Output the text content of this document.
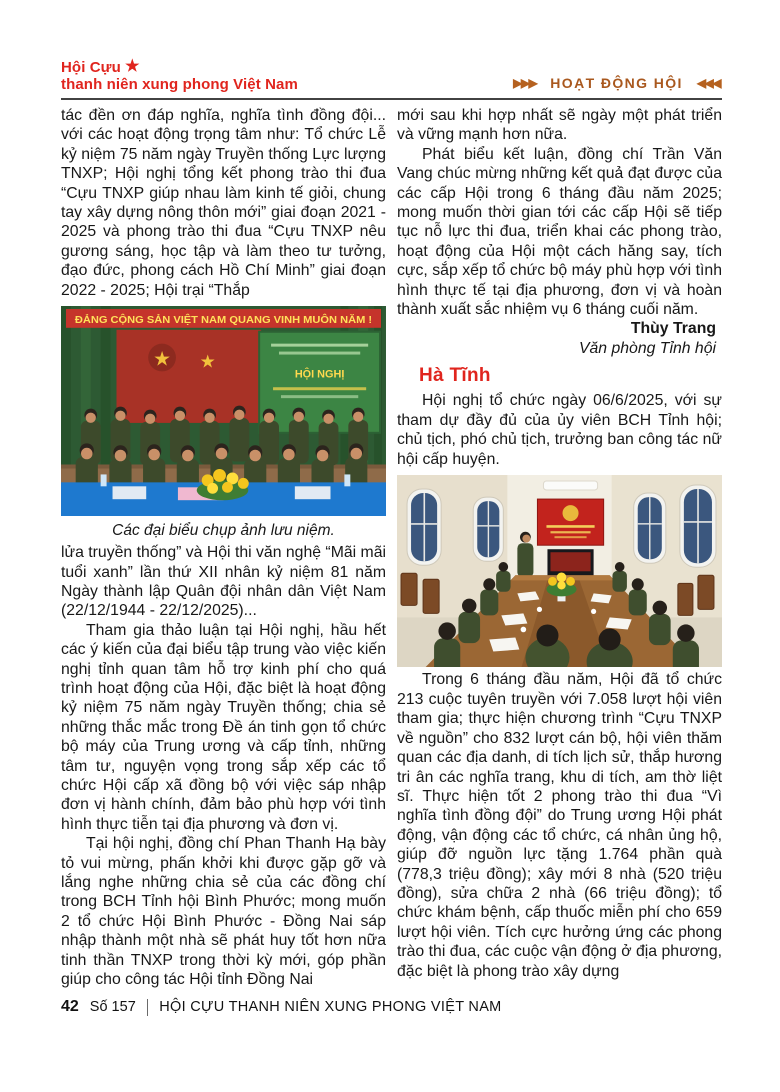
Hội Cựu ★
thanh niên xung phong Việt Nam	▶▶▶ HOẠT ĐỘNG HỘI ◀◀◀

tác đền ơn đáp nghĩa, nghĩa tình đồng đội... với các hoạt động trọng tâm như: Tổ chức Lễ kỷ niệm 75 năm ngày Truyền thống Lực lượng TNXP; Hội nghị tổng kết phong trào thi đua “Cựu TNXP giúp nhau làm kinh tế giỏi, chung tay xây dựng nông thôn mới” giai đoạn 2021 - 2025 và phong trào thi đua “Cựu TNXP nêu gương sáng, học tập và làm theo tư tưởng, đạo đức, phong cách Hồ Chí Minh” giai đoạn 2022 - 2025; Hội trại “Thắp

★ ★
HỘI NGHỊ
ĐẢNG CỘNG SẢN VIỆT NAM QUANG VINH MUÔN NĂM !
Các đại biểu chụp ảnh lưu niệm.

lửa truyền thống” và Hội thi văn nghệ “Mãi mãi tuổi xanh” lần thứ XII nhân kỷ niệm 81 năm Ngày thành lập Quân đội nhân dân Việt Nam (22/12/1944 - 22/12/2025)...

Tham gia thảo luận tại Hội nghị, hầu hết các ý kiến của đại biểu tập trung vào việc kiến nghị tỉnh quan tâm hỗ trợ kinh phí cho quá trình hoạt động của Hội, đặc biệt là hoạt động kỷ niệm 75 năm ngày Truyền thống; chia sẻ những thắc mắc trong Đề án tinh gọn tổ chức bộ máy của Trung ương và cấp tỉnh, những tâm tư, nguyện vọng trong sắp xếp các tổ chức Hội cấp xã đồng bộ với việc sáp nhập đơn vị hành chính, đảm bảo phù hợp với tình hình thực tiễn tại địa phương và đơn vị.

Tại hội nghị, đồng chí Phan Thanh Hạ bày tỏ vui mừng, phấn khởi khi được gặp gỡ và lắng nghe những chia sẻ của các đồng chí trong BCH Tỉnh hội Bình Phước; mong muốn 2 tổ chức Hội Bình Phước - Đồng Nai sáp nhập thành một nhà sẽ phát huy tốt hơn nữa tinh thần TNXP trong thời kỳ mới, góp phần giúp cho công tác Hội tỉnh Đồng Nai

mới sau khi hợp nhất sẽ ngày một phát triển và vững mạnh hơn nữa.

Phát biểu kết luận, đồng chí Trần Văn Vang chúc mừng những kết quả đạt được của các cấp Hội trong 6 tháng đầu năm 2025; mong muốn thời gian tới các cấp Hội sẽ tiếp tục nỗ lực thi đua, triển khai các phong trào, hoạt động của Hội một cách hăng say, tích cực, sắp xếp tổ chức bộ máy phù hợp với tình hình thực tế tại địa phương, đơn vị và hoàn thành xuất sắc nhiệm vụ 6 tháng cuối năm.

Thùy Trang
Văn phòng Tỉnh hội
Hà Tĩnh

Hội nghị tổ chức ngày 06/6/2025, với sự tham dự đầy đủ của ủy viên BCH Tỉnh hội; chủ tịch, phó chủ tịch, trưởng ban công tác nữ hội cấp huyện.

Trong 6 tháng đầu năm, Hội đã tổ chức 213 cuộc tuyên truyền với 7.058 lượt hội viên tham gia; thực hiện chương trình “Cựu TNXP về nguồn” cho 832 lượt cán bộ, hội viên thăm quan các địa danh, di tích lịch sử, thắp hương tri ân các nghĩa trang, khu di tích, am thờ liệt sĩ. Thực hiện tốt 2 phong trào thi đua “Vì nghĩa tình đồng đội” do Trung ương Hội phát động, vận động các tổ chức, cá nhân ủng hộ, giúp đỡ nguồn lực tặng 1.764 phần quà (778,3 triệu đồng); xây mới 8 nhà (520 triệu đồng), sửa chữa 2 nhà (66 triệu đồng); tổ chức khám bệnh, cấp thuốc miễn phí cho 659 lượt hội viên. Tích cực hưởng ứng các phong trào thi đua, các cuộc vận động ở địa phương, đặc biệt là phong trào xây dựng

42 Số 157 HỘI CỰU THANH NIÊN XUNG PHONG VIỆT NAM
